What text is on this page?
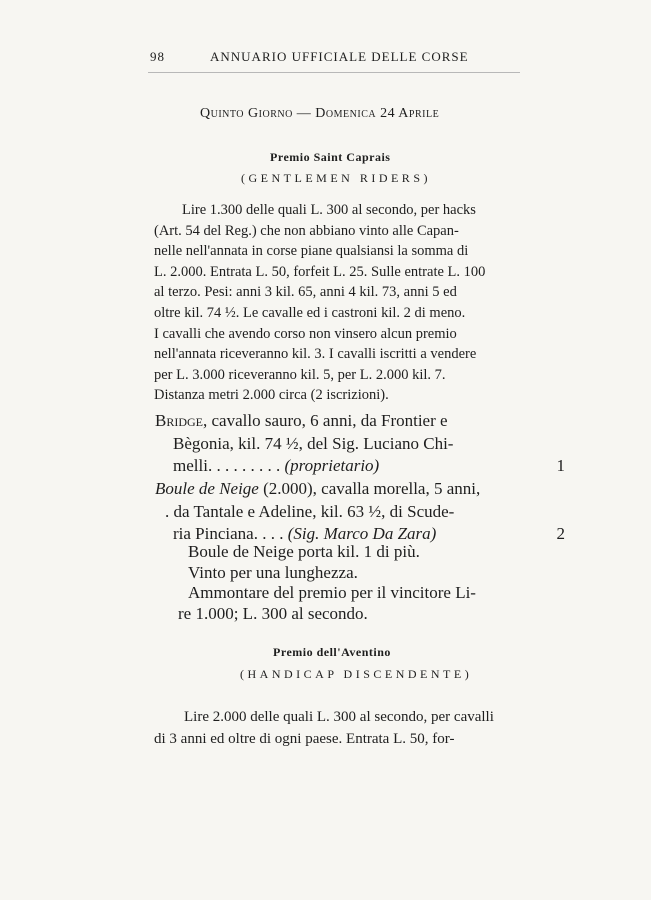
98	ANNUARIO UFFICIALE DELLE CORSE
Quinto Giorno — Domenica 24 Aprile
Premio Saint Caprais
(GENTLEMEN RIDERS)
Lire 1.300 delle quali L. 300 al secondo, per hacks
(Art. 54 del Reg.) che non abbiano vinto alle Capan-
nelle nell'annata in corse piane qualsiansi la somma di
L. 2.000. Entrata L. 50, forfeit L. 25. Sulle entrate L. 100
al terzo. Pesi: anni 3 kil. 65, anni 4 kil. 73, anni 5 ed
oltre kil. 74 ½. Le cavalle ed i castroni kil. 2 di meno.
I cavalli che avendo corso non vinsero alcun premio
nell'annata riceveranno kil. 3. I cavalli iscritti a vendere
per L. 3.000 riceveranno kil. 5, per L. 2.000 kil. 7.
Distanza metri 2.000 circa (2 iscrizioni).
Bridge, cavallo sauro, 6 anni, da Frontier e
Bègonia, kil. 74 ½, del Sig. Luciano Chi-
melli. . . . . . . . . (proprietario)	1
Boule de Neige (2.000), cavalla morella, 5 anni,
. da Tantale e Adeline, kil. 63 ½, di Scude-
ria Pinciana. . . . (Sig. Marco Da Zara)	2
Boule de Neige porta kil. 1 di più.
Vinto per una lunghezza.
Ammontare del premio per il vincitore Li-
re 1.000; L. 300 al secondo.
Premio dell'Aventino
(HANDICAP DISCENDENTE)
Lire 2.000 delle quali L. 300 al secondo, per cavalli
di 3 anni ed oltre di ogni paese. Entrata L. 50, for-
